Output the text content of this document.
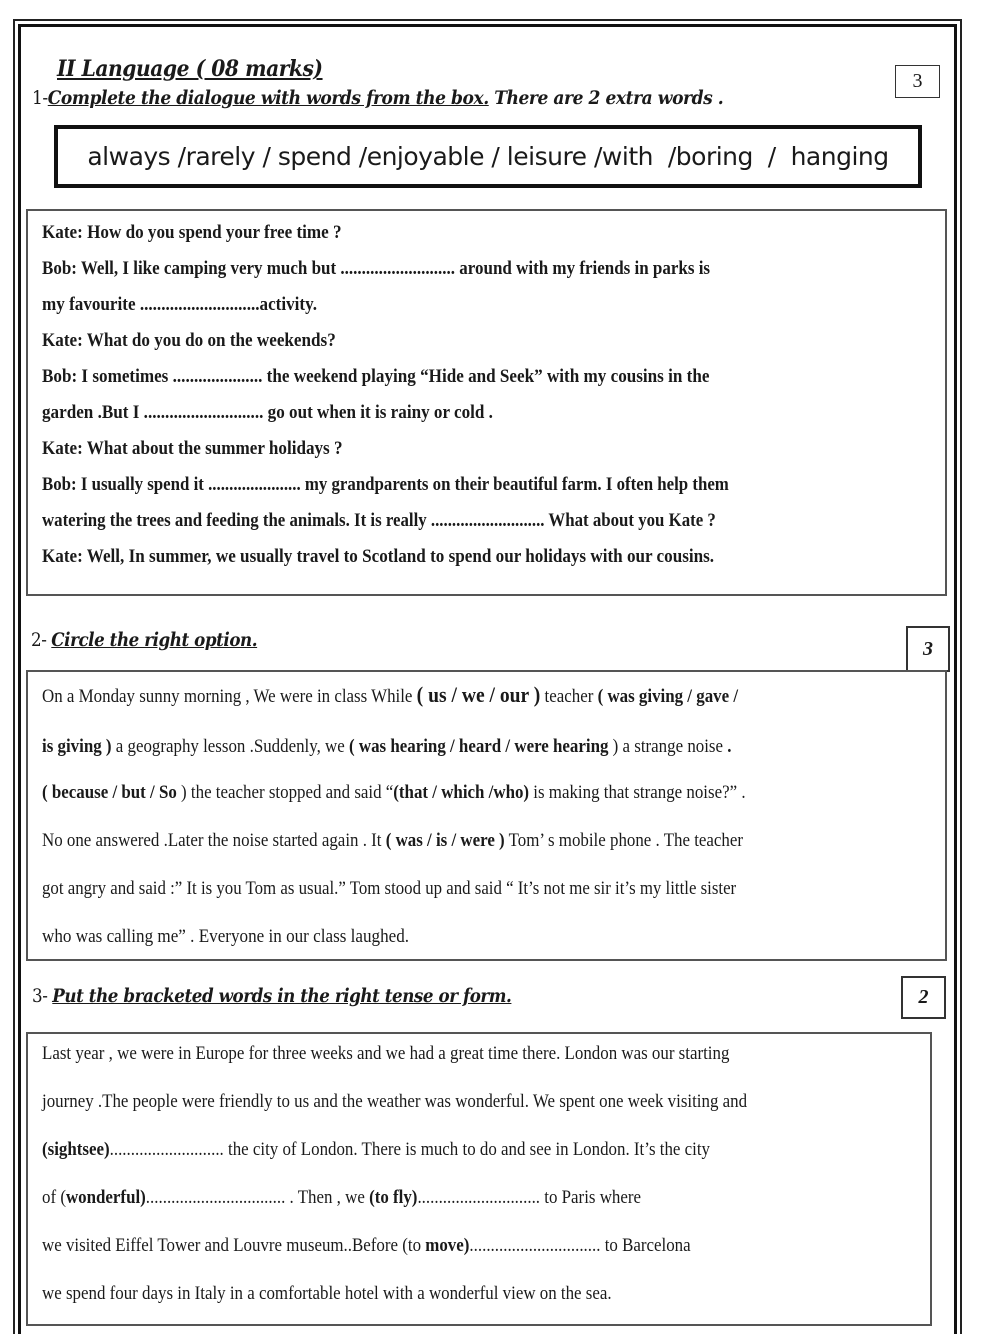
II Language ( 08 marks)
1-Complete the dialogue with words from the box. There are 2 extra words .
3
always /rarely / spend /enjoyable / leisure /with  /boring  /  hanging
Kate: How do you spend your free time ?
Bob: Well, I like camping very much but ........................... around with my friends in parks is
my favourite ............................activity.
Kate: What do you do on the weekends?
Bob: I sometimes ..................... the weekend playing “Hide and Seek” with my cousins in the
garden .But I ............................ go out when it is rainy or cold .
Kate: What about the summer holidays ?
Bob: I usually spend it ...................... my grandparents on their beautiful farm. I often help them
watering the trees and feeding the animals. It is really ........................... What about you Kate ?
Kate: Well, In summer, we usually travel to Scotland to spend our holidays with our cousins.
2- Circle the right option.	3
On a Monday sunny morning , We were in class While ( us / we / our ) teacher ( was giving / gave /
is giving ) a geography lesson .Suddenly, we ( was hearing / heard / were hearing ) a strange noise .
( because / but / So ) the teacher stopped and said “(that / which /who) is making that strange noise?” .
No one answered .Later the noise started again . It ( was / is / were ) Tom’ s mobile phone . The teacher
got angry and said :” It is you Tom as usual.” Tom stood up and said “ It’s not me sir it’s my little sister
who was calling me” . Everyone in our class laughed.
3- Put the bracketed words in the right tense or form.	2
Last year , we were in Europe for three weeks and we had a great time there. London was our starting
journey .The people were friendly to us and the weather was wonderful. We spent one week visiting and
(sightsee)........................... the city of London. There is much to do and see in London. It’s the city
of (wonderful)................................. . Then , we (to fly)............................. to Paris where
we visited Eiffel Tower and Louvre museum..Before (to move)............................... to Barcelona
we spend four days in Italy in a comfortable hotel with a wonderful view on the sea.
